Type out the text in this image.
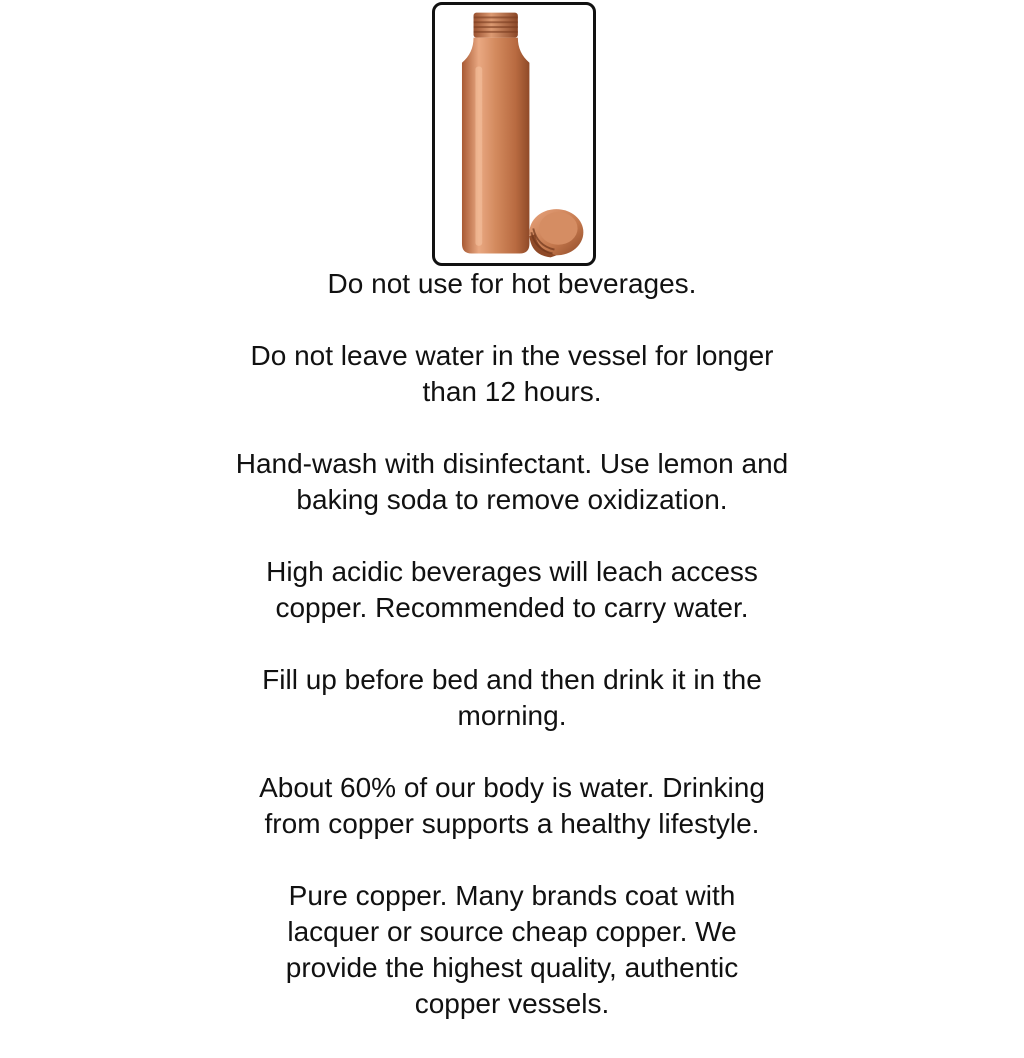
Do not use for hot beverages.

Do not leave water in the vessel for longer
than 12 hours.

Hand-wash with disinfectant. Use lemon and
baking soda to remove oxidization.

High acidic beverages will leach access
copper. Recommended to carry water.

Fill up before bed and then drink it in the
morning.

About 60% of our body is water. Drinking
from copper supports a healthy lifestyle.

Pure copper. Many brands coat with
lacquer or source cheap copper. We
provide the highest quality, authentic
copper vessels.
